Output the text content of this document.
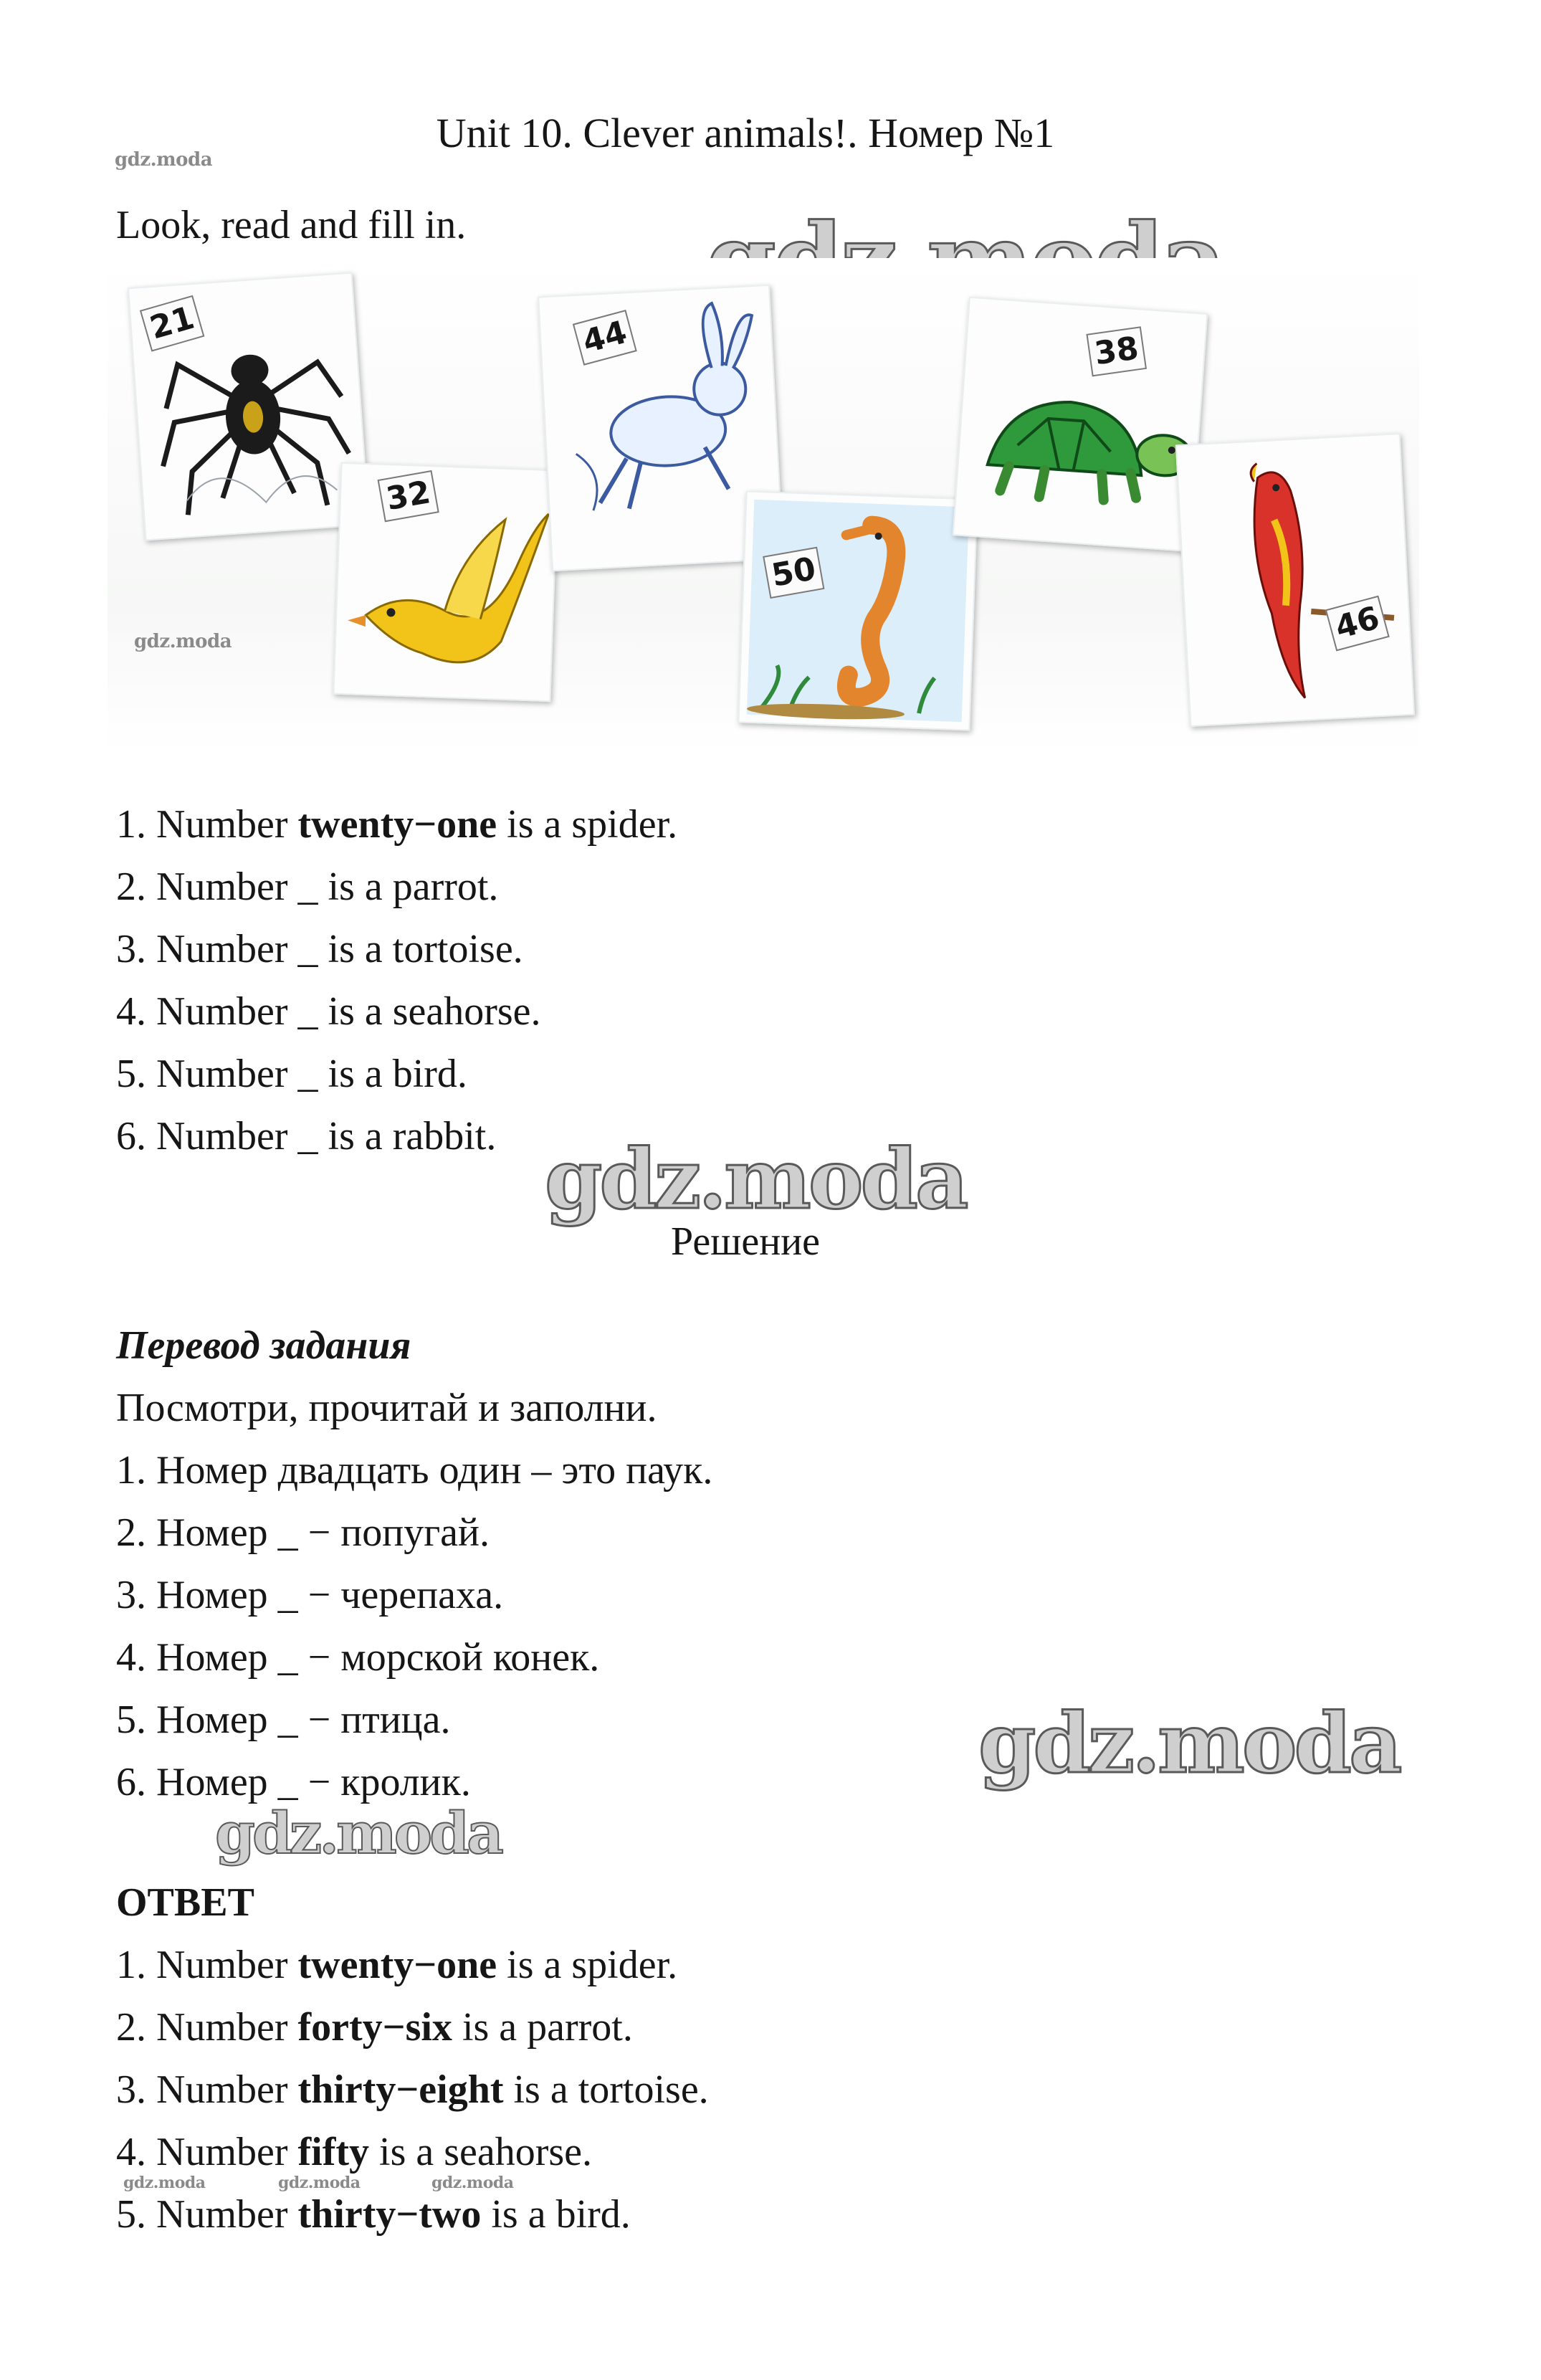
Unit 10. Clever animals!. Номер №1
gdz.moda
Look, read and fill in.
21
32
44
50
38
46
gdz.moda
1. Number twenty−one is a spider.
2. Number _ is a parrot.
3. Number _ is a tortoise.
4. Number _ is a seahorse.
5. Number _ is a bird.
6. Number _ is a rabbit. gdz.moda
Решение
Перевод задания
Посмотри, прочитай и заполни.
1. Номер двадцать один – это паук.
2. Номер _ − попугай.
3. Номер _ − черепаха.
4. Номер _ − морской конек.
5. Номер _ − птица.
6. Номер _ − кролик.	gdz.moda
gdz.moda
ОТВЕТ
1. Number twenty−one is a spider.
2. Number forty−six is a parrot.
3. Number thirty−eight is a tortoise.
4. Number fifty is a seahorse.
gdz.moda	gdz.moda	gdz.moda
5. Number thirty−two is a bird.
